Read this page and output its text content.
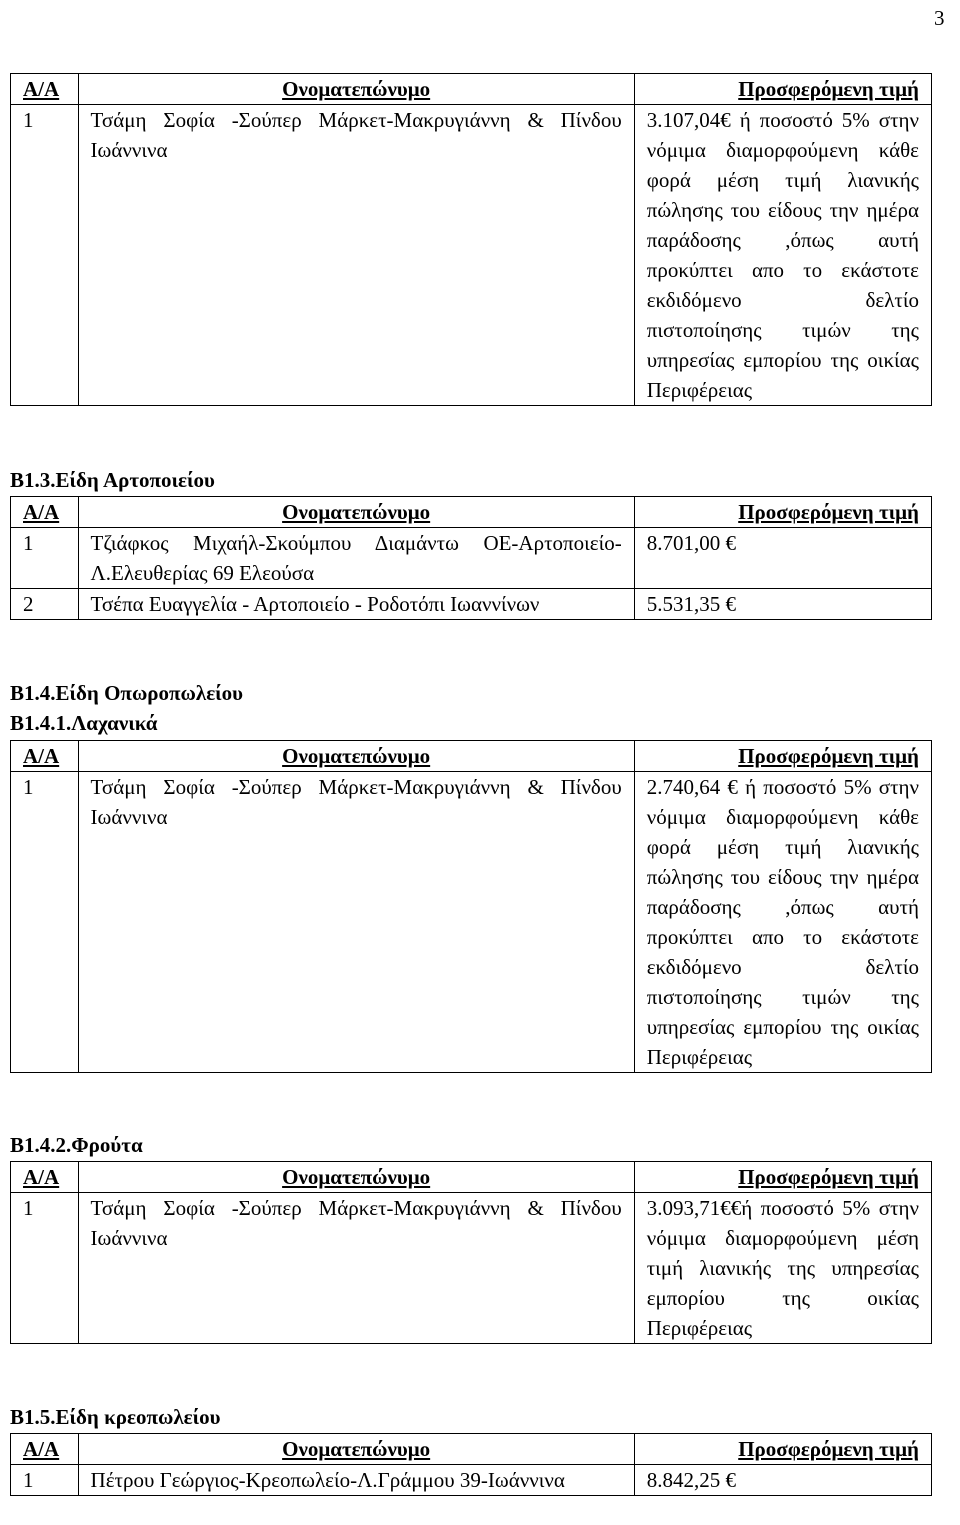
3
Α/Α	Ονοματεπώνυμο	Προσφερόμενη τιμή
1	Τσάμη Σοφία -Σούπερ Μάρκετ-Μακρυγιάννη & Πίνδου Ιωάννινα	3.107,04€ ή ποσοστό 5% στην νόμιμα διαμορφούμενη κάθε φορά μέση τιμή λιανικής πώλησης του είδους την ημέρα παράδοσης ,όπως αυτή προκύπτει απο το εκάστοτε εκδιδόμενο δελτίο πιστοποίησης τιμών της υπηρεσίας εμπορίου της οικίας Περιφέρειας
Β1.3.Είδη Αρτοποιείου
Α/Α	Ονοματεπώνυμο	Προσφερόμενη τιμή
1	Τζιάφκος Μιχαήλ-Σκούμπου Διαμάντω ΟΕ-Αρτοποιείο-Λ.Ελευθερίας 69 Ελεούσα	8.701,00 €
2	Τσέπα Ευαγγελία - Αρτοποιείο - Ροδοτόπι Ιωαννίνων	5.531,35 €
Β1.4.Είδη Οπωροπωλείου
Β1.4.1.Λαχανικά
Α/Α	Ονοματεπώνυμο	Προσφερόμενη τιμή
1	Τσάμη Σοφία -Σούπερ Μάρκετ-Μακρυγιάννη & Πίνδου Ιωάννινα	2.740,64 € ή ποσοστό 5% στην νόμιμα διαμορφούμενη κάθε φορά μέση τιμή λιανικής πώλησης του είδους την ημέρα παράδοσης ,όπως αυτή προκύπτει απο το εκάστοτε εκδιδόμενο δελτίο πιστοποίησης τιμών της υπηρεσίας εμπορίου της οικίας Περιφέρειας
Β1.4.2.Φρούτα
Α/Α	Ονοματεπώνυμο	Προσφερόμενη τιμή
1	Τσάμη Σοφία -Σούπερ Μάρκετ-Μακρυγιάννη & Πίνδου Ιωάννινα	3.093,71€€ή ποσοστό 5% στην νόμιμα διαμορφούμενη μέση τιμή λιανικής της υπηρεσίας εμπορίου της οικίας Περιφέρειας
Β1.5.Είδη κρεοπωλείου
Α/Α	Ονοματεπώνυμο	Προσφερόμενη τιμή
1	Πέτρου Γεώργιος-Κρεοπωλείο-Λ.Γράμμου 39-Ιωάννινα	8.842,25 €
